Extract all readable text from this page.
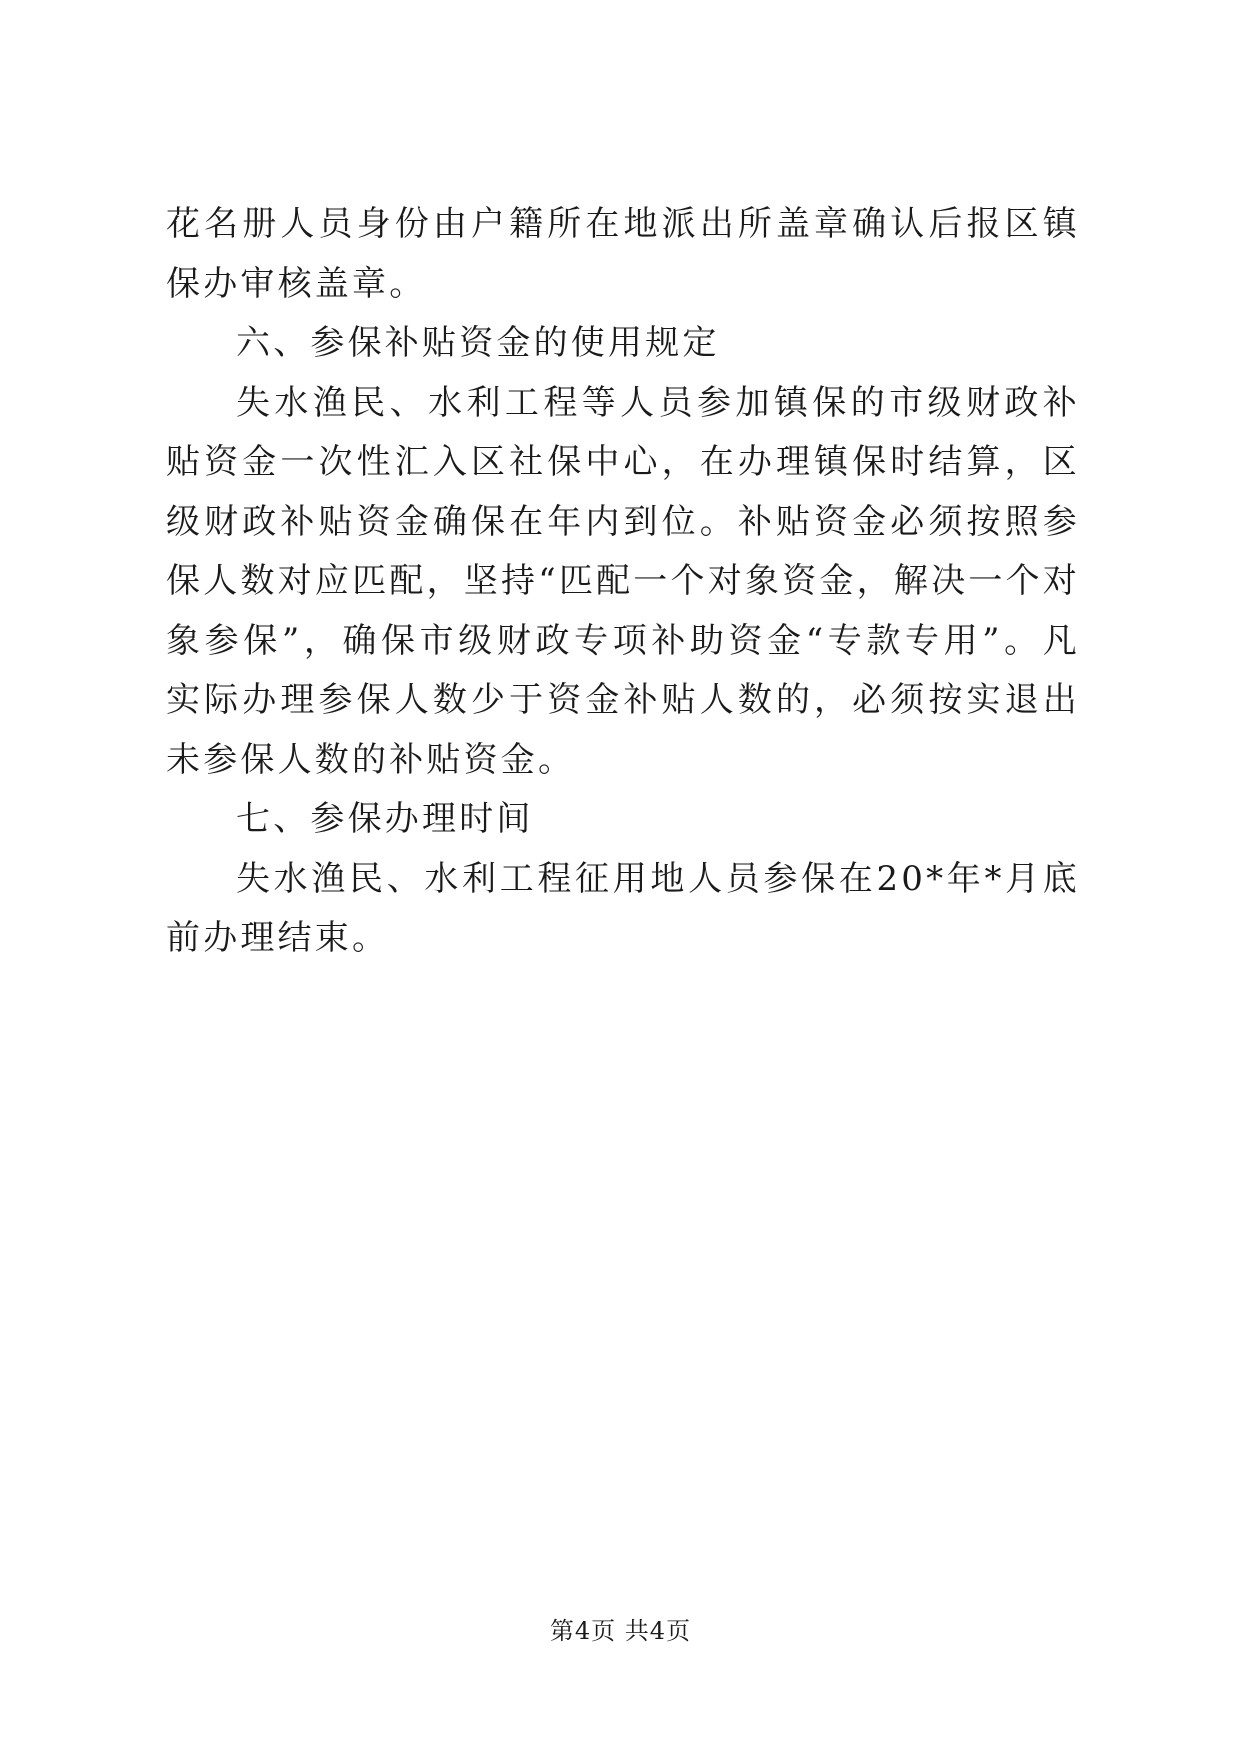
花名册人员身份由户籍所在地派出所盖章确认后报区镇保办审核盖章。

六、参保补贴资金的使用规定

失水渔民、水利工程等人员参加镇保的市级财政补贴资金一次性汇入区社保中心，在办理镇保时结算，区级财政补贴资金确保在年内到位。补贴资金必须按照参保人数对应匹配，坚持“匹配一个对象资金，解决一个对象参保”，确保市级财政专项补助资金“专款专用”。凡实际办理参保人数少于资金补贴人数的，必须按实退出未参保人数的补贴资金。

七、参保办理时间

失水渔民、水利工程征用地人员参保在20*年*月底前办理结束。

第4页 共4页
